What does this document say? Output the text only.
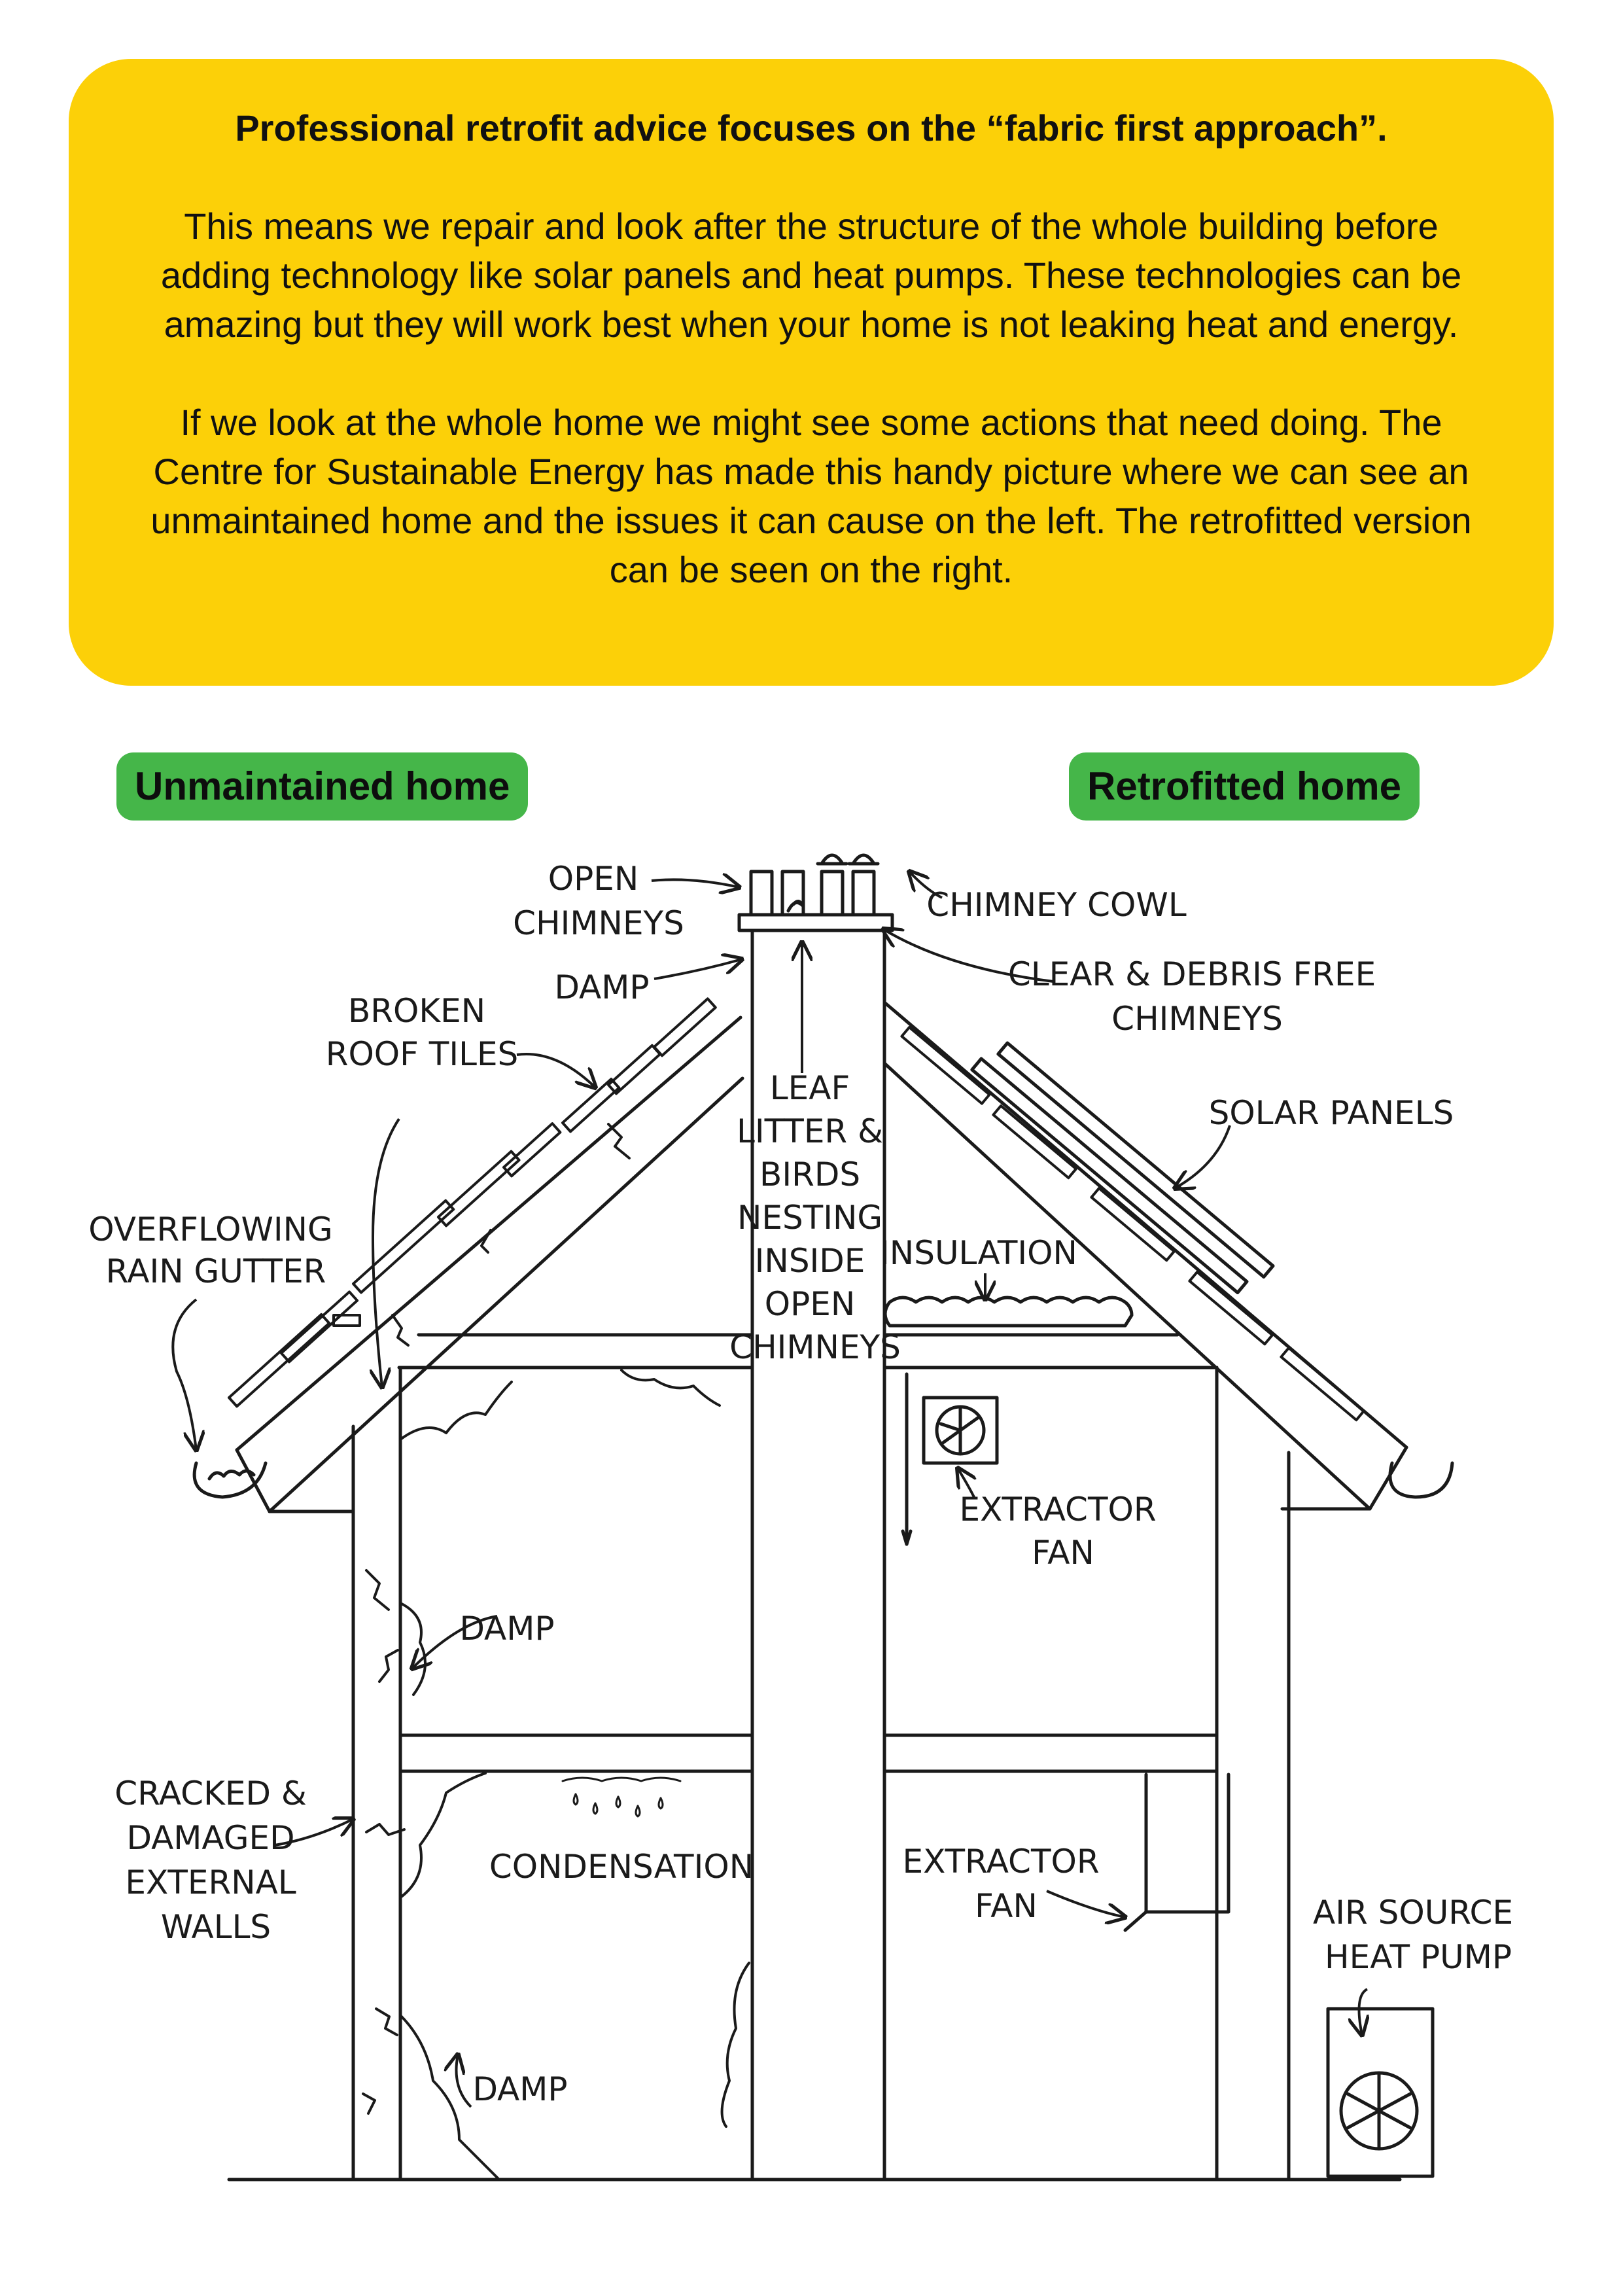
Professional retrofit advice focuses on the “fabric first approach”.

This means we repair and look after the structure of the whole building before adding technology like solar panels and heat pumps. These technologies can be amazing but they will work best when your home is not leaking heat and energy.

If we look at the whole home we might see some actions that need doing. The Centre for Sustainable Energy has made this handy picture where we can see an unmaintained home and the issues it can cause on the left. The retrofitted version can be seen on the right.

Unmaintained home	Retrofitted home
OPEN CHIMNEYS
DAMP
BROKEN ROOF TILES
OVERFLOWING RAIN GUTTER
LEAF LITTER & BIRDS NESTING INSIDE OPEN CHIMNEYS
CHIMNEY COWL
CLEAR & DEBRIS FREE CHIMNEYS
SOLAR PANELS
INSULATION
EXTRACTOR FAN
DAMP
CRACKED & DAMAGED EXTERNAL WALLS
CONDENSATION	EXTRACTOR FAN	AIR SOURCE HEAT PUMP
DAMP
